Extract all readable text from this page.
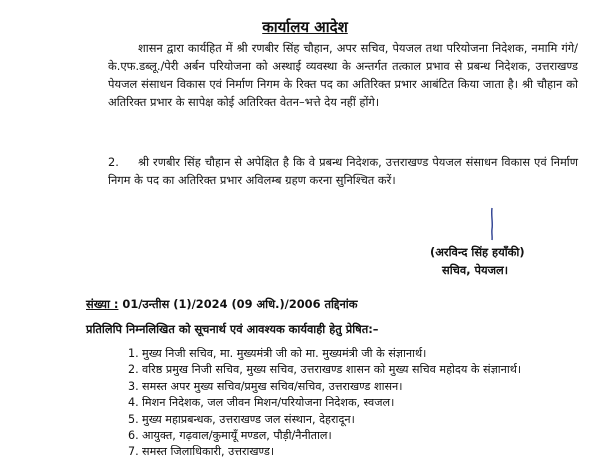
कार्यालय आदेश
शासन द्वारा कार्यहित में श्री रणबीर सिंह चौहान, अपर सचिव, पेयजल तथा परियोजना निदेशक, नमामि गंगे/के.एफ.डब्लू./पेरी अर्बन परियोजना को अस्थाई व्यवस्था के अन्तर्गत तत्काल प्रभाव से प्रबन्ध निदेशक, उत्तराखण्ड पेयजल संसाधन विकास एवं निर्माण निगम के रिक्त पद का अतिरिक्त प्रभार आबंटित किया जाता है। श्री चौहान को अतिरिक्त प्रभार के सापेक्ष कोई अतिरिक्त वेतन–भत्ते देय नहीं होंगे।
2. श्री रणबीर सिंह चौहान से अपेक्षित है कि वे प्रबन्ध निदेशक, उत्तराखण्ड पेयजल संसाधन विकास एवं निर्माण निगम के पद का अतिरिक्त प्रभार अविलम्ब ग्रहण करना सुनिश्चित करें।
(अरविन्द सिंह हयाँकी)
सचिव, पेयजल।
संख्या : 01/उन्तीस (1)/2024 (09 अधि.)/2006 तद्दिनांक
प्रतिलिपि निम्नलिखित को सूचनार्थ एवं आवश्यक कार्यवाही हेतु प्रेषित:–
1. मुख्य निजी सचिव, मा. मुख्यमंत्री जी को मा. मुख्यमंत्री जी के संज्ञानार्थ।
2. वरिष्ठ प्रमुख निजी सचिव, मुख्य सचिव, उत्तराखण्ड शासन को मुख्य सचिव महोदय के संज्ञानार्थ।
3. समस्त अपर मुख्य सचिव/प्रमुख सचिव/सचिव, उत्तराखण्ड शासन।
4. मिशन निदेशक, जल जीवन मिशन/परियोजना निदेशक, स्वजल।
5. मुख्य महाप्रबन्धक, उत्तराखण्ड जल संस्थान, देहरादून।
6. आयुक्त, गढ़वाल/कुमायूँ मण्डल, पौड़ी/नैनीताल।
7. समस्त जिलाधिकारी, उत्तराखण्ड।
